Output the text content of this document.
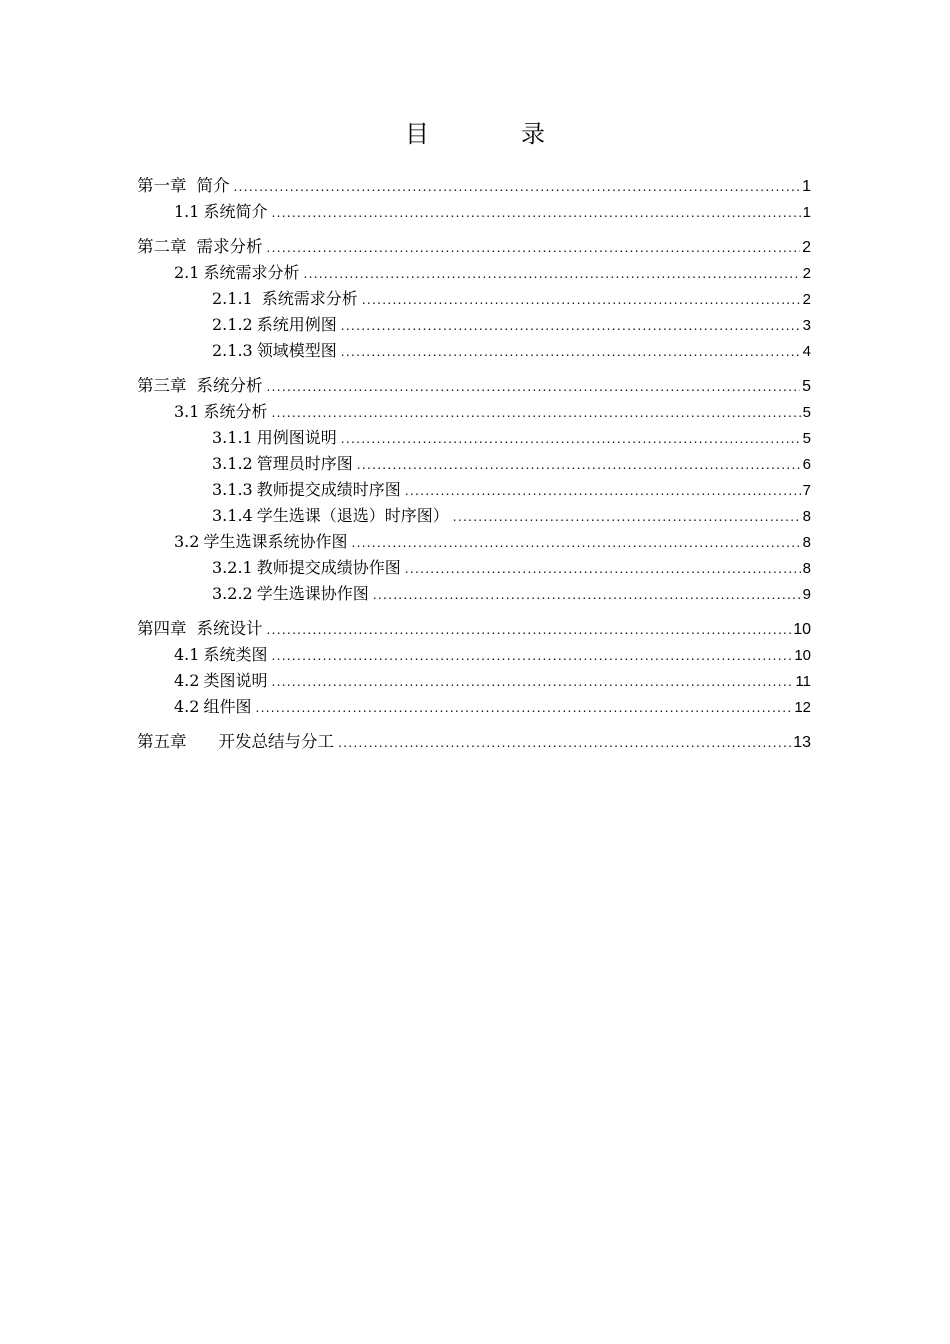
目　录
第一章 简介 .....	1
1.1 系统简介 .....	1
第二章 需求分析 .....	2
2.1 系统需求分析 .....	2
2.1.1 系统需求分析 .....	2
2.1.2 系统用例图 .....	3
2.1.3 领域模型图 .....	4
第三章 系统分析 .....	5
3.1 系统分析 .....	5
3.1.1 用例图说明 .....	5
3.1.2 管理员时序图 .....	6
3.1.3 教师提交成绩时序图 .....	7
3.1.4 学生选课（退选）时序图） .....	8
3.2 学生选课系统协作图 .....	8
3.2.1 教师提交成绩协作图 .....	8
3.2.2 学生选课协作图 .....	9
第四章 系统设计 .....	10
4.1 系统类图 .....	10
4.2 类图说明 .....	11
4.2 组件图 .....	12
第五章 开发总结与分工 .....	13
